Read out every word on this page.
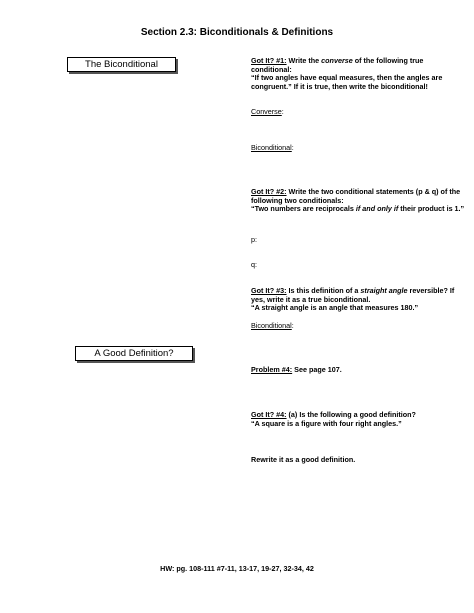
Section 2.3: Biconditionals & Definitions
The Biconditional
A Good Definition?
Got It? #1: Write the converse of the following true conditional:
“If two angles have equal measures, then the angles are congruent.” If it is true, then write the biconditional!
Converse:
Biconditional:
Got It? #2: Write the two conditional statements (p & q) of the following two conditionals:
“Two numbers are reciprocals if and only if their product is 1.”
p:
q:
Got It? #3: Is this definition of a straight angle reversible? If yes, write it as a true biconditional.
“A straight angle is an angle that measures 180.”
Biconditional:
Problem #4: See page 107.
Got It? #4: (a) Is the following a good definition?
“A square is a figure with four right angles.”
Rewrite it as a good definition.
HW: pg. 108-111 #7-11, 13-17, 19-27, 32-34, 42
